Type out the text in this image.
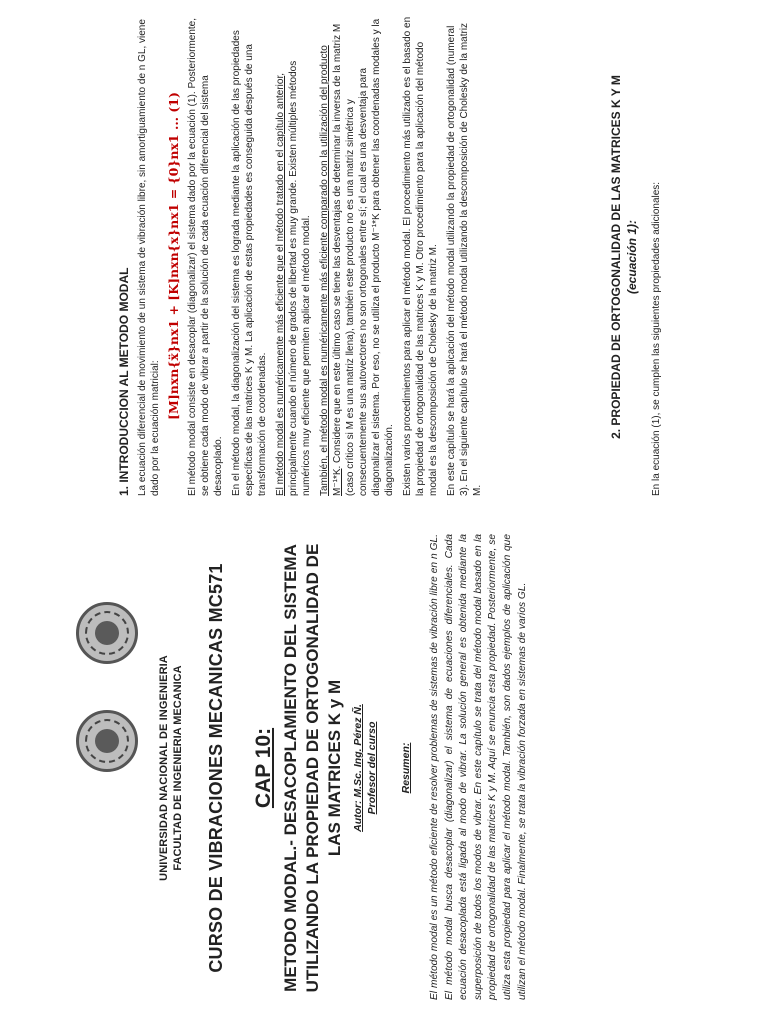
UNIVERSIDAD NACIONAL DE INGENIERIA FACULTAD DE INGENIERIA MECANICA CURSO DE VIBRACIONES MECANICAS MC571 CAP 10: METODO MODAL.- DESACOPLAMIENTO DEL SISTEMA UTILIZANDO LA PROPIEDAD DE ORTOGONALIDAD DE LAS MATRICES K y M Autor: M.Sc. Ing. Pérez Ñ. Profesor del curso Resumen: El método modal es un método eficiente de resolver problemas de sistemas de vibración libre en n GL. El método modal busca desacoplar (diagonalizar) el sistema de ecuaciones diferenciales. Cada ecuación desacoplada está ligada al modo de vibrar. La solución general es obtenida mediante la superposición de todos los modos de vibrar. En este capítulo se trata del método modal basado en la propiedad de ortogonalidad de las matrices K y M. Aquí se enuncia esta propiedad. Posteriormente, se utiliza esta propiedad para aplicar el método modal. También, son dados ejemplos de aplicación que utilizan el método modal. Finalmente, se trata la vibración forzada en sistemas de varios GL.
1. INTRODUCCION AL METODO MODAL La ecuación diferencial de movimiento de un sistema de vibración libre, sin amortiguamiento de n GL, viene dado por la ecuación matricial:

[M]nxn{ẍ}nx1 + [K]nxn{x}nx1 = {0}nx1 ... (1) El método modal consiste en desacoplar (diagonalizar) el sistema dado por la ecuación (1). Posteriormente, se obtiene cada modo de vibrar a partir de la solución de cada ecuación diferencial del sistema desacoplado. En el método modal, la diagonalización del sistema es lograda mediante la aplicación de las propiedades específicas de las matrices K y M. La aplicación de estas propiedades es conseguida después de una transformación de coordenadas. El método modal es numéricamente más eficiente que el método tratado en el capítulo anterior, principalmente cuando el número de grados de libertad es muy grande. Existen múltiples métodos numéricos muy eficiente que permiten aplicar el método modal. También, el método modal es numéricamente más eficiente comparado con la utilización del producto M⁻¹*K. Considere que en este último caso se tiene las desventajas de determinar la inversa de la matriz M (caso crítico si M es una matriz llena), también este producto no es una matriz simétrica y consecuentemente sus autovectores no son ortogonales entre sí; el cual es una desventaja para diagonalizar el sistema. Por eso, no se utiliza el producto M⁻¹*K para obtener las coordenadas modales y la diagonalización. Existen varios procedimientos para aplicar el método modal. El procedimiento más utilizado es el basado en la propiedad de ortogonalidad de las matrices K y M. Otro procedimiento para la aplicación del método modal es la descomposición de Cholesky de la matriz M. En este capítulo se hará la aplicación del método modal utilizando la propiedad de ortogonalidad (numeral 3). En el siguiente capítulo se hará el método modal utilizando la descomposición de Cholesky de la matriz M.

2. PROPIEDAD DE ORTOGONALIDAD DE LAS MATRICES K Y M (ecuación 1): En la ecuación (1), se cumplen las siguientes propiedades adicionales:
